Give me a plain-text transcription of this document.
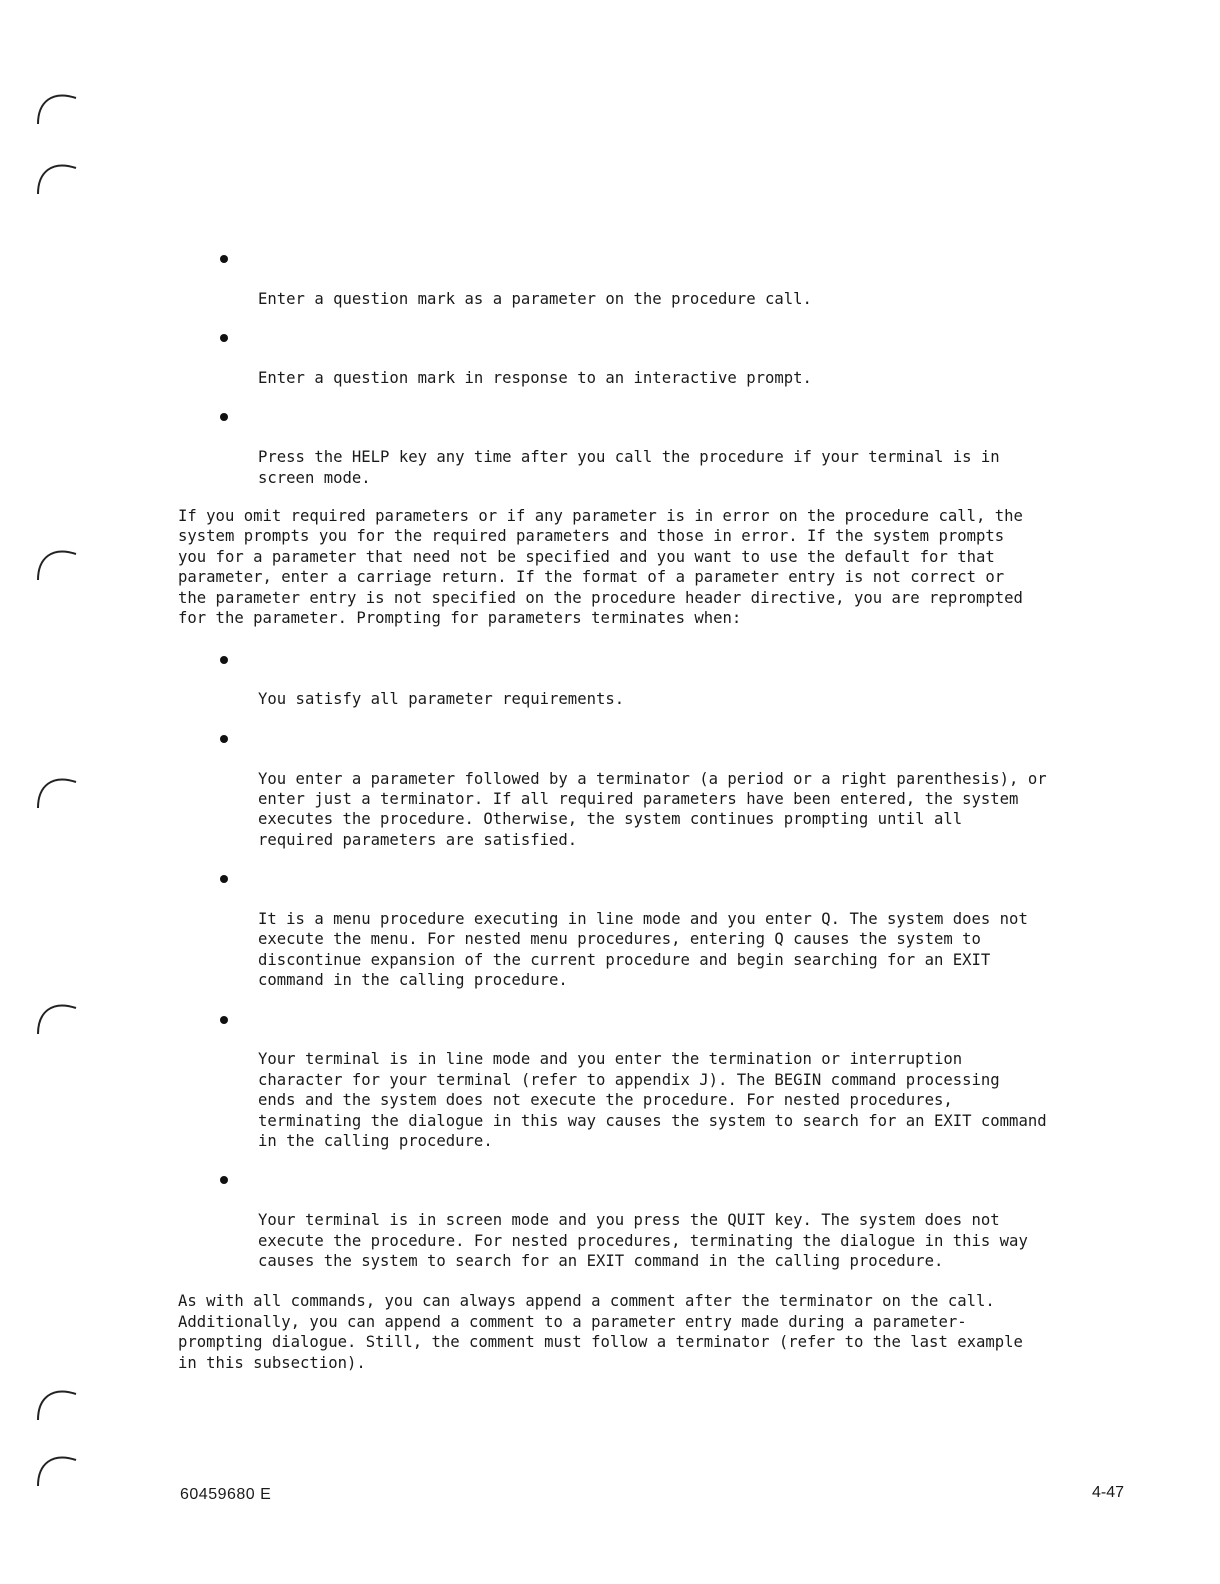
Enter a question mark as a parameter on the procedure call.

Enter a question mark in response to an interactive prompt.

Press the HELP key any time after you call the procedure if your terminal is in
screen mode.

If you omit required parameters or if any parameter is in error on the procedure call, the
system prompts you for the required parameters and those in error. If the system prompts
you for a parameter that need not be specified and you want to use the default for that
parameter, enter a carriage return. If the format of a parameter entry is not correct or
the parameter entry is not specified on the procedure header directive, you are reprompted
for the parameter. Prompting for parameters terminates when:

You satisfy all parameter requirements.

You enter a parameter followed by a terminator (a period or a right parenthesis), or
enter just a terminator. If all required parameters have been entered, the system
executes the procedure. Otherwise, the system continues prompting until all
required parameters are satisfied.

It is a menu procedure executing in line mode and you enter Q. The system does not
execute the menu. For nested menu procedures, entering Q causes the system to
discontinue expansion of the current procedure and begin searching for an EXIT
command in the calling procedure.

Your terminal is in line mode and you enter the termination or interruption
character for your terminal (refer to appendix J). The BEGIN command processing
ends and the system does not execute the procedure. For nested procedures,
terminating the dialogue in this way causes the system to search for an EXIT command
in the calling procedure.

Your terminal is in screen mode and you press the QUIT key. The system does not
execute the procedure. For nested procedures, terminating the dialogue in this way
causes the system to search for an EXIT command in the calling procedure.

As with all commands, you can always append a comment after the terminator on the call.
Additionally, you can append a comment to a parameter entry made during a parameter-
prompting dialogue. Still, the comment must follow a terminator (refer to the last example
in this subsection).

60459680 E	4-47
